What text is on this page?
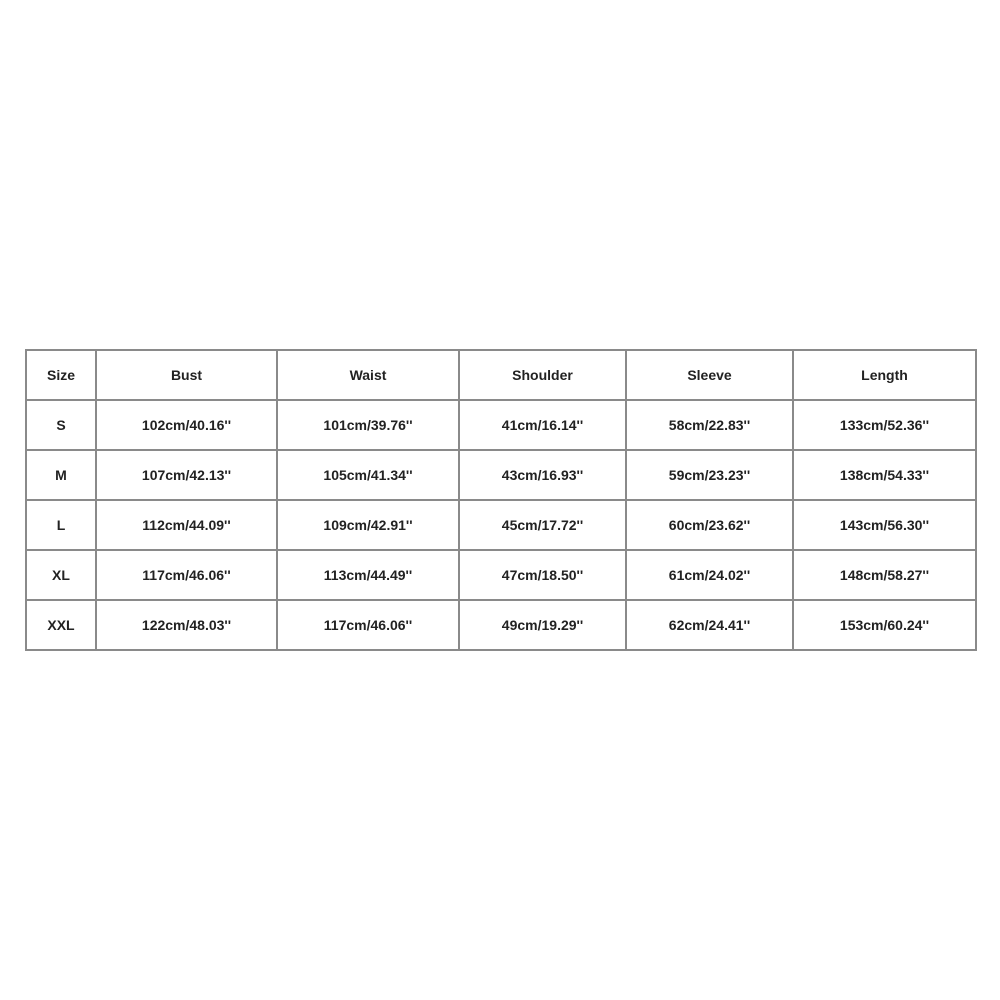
Size	Bust	Waist	Shoulder	Sleeve	Length
S	102cm/40.16''	101cm/39.76''	41cm/16.14''	58cm/22.83''	133cm/52.36''
M	107cm/42.13''	105cm/41.34''	43cm/16.93''	59cm/23.23''	138cm/54.33''
L	112cm/44.09''	109cm/42.91''	45cm/17.72''	60cm/23.62''	143cm/56.30''
XL	117cm/46.06''	113cm/44.49''	47cm/18.50''	61cm/24.02''	148cm/58.27''
XXL	122cm/48.03''	117cm/46.06''	49cm/19.29''	62cm/24.41''	153cm/60.24''
